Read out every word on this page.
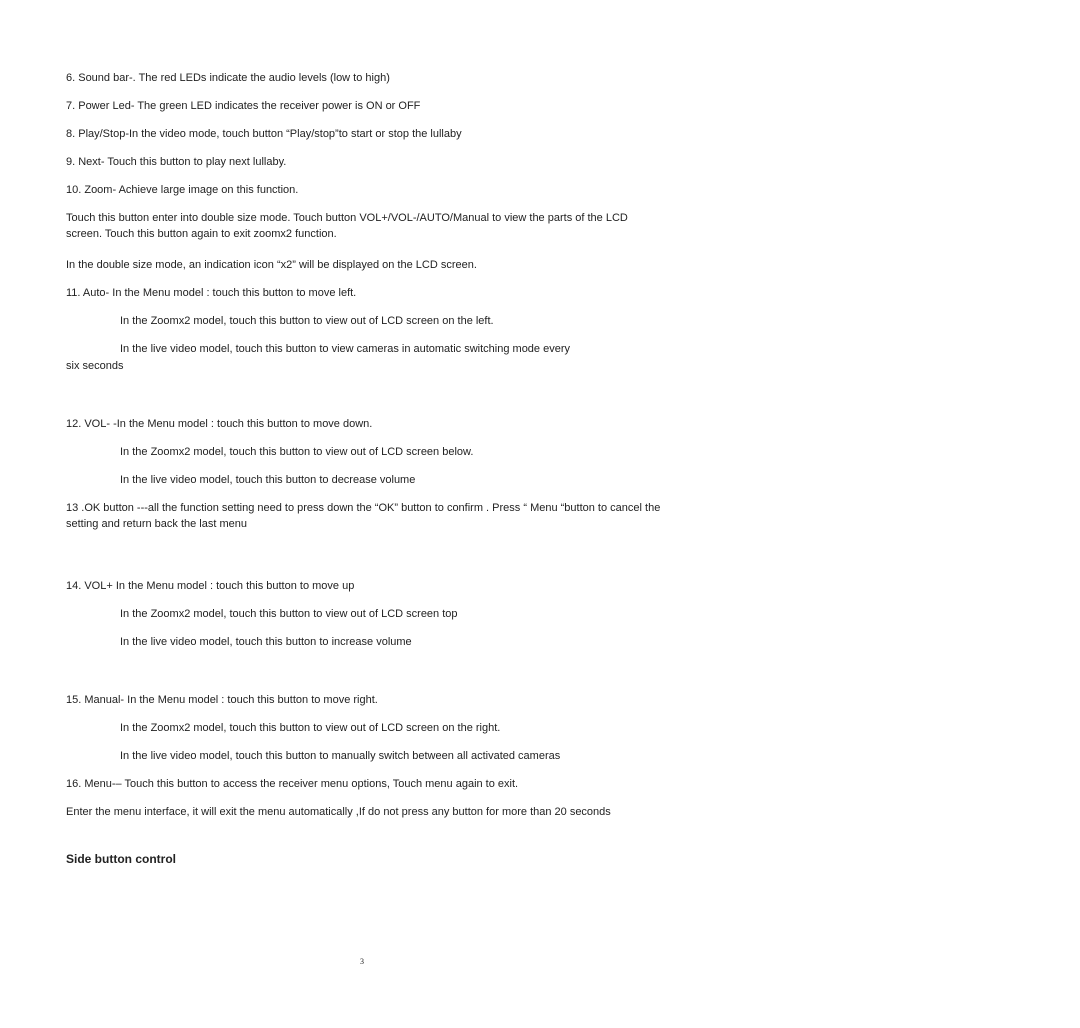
6. Sound bar-. The red LEDs indicate the audio levels (low to high)
7. Power Led- The green LED indicates the receiver power is ON or OFF
8. Play/Stop-In the video mode, touch button “Play/stop”to start or stop the lullaby
9. Next- Touch this button to play next lullaby.
10. Zoom- Achieve large image on this function.
Touch this button enter into double size mode. Touch button VOL+/VOL-/AUTO/Manual to view the parts of the LCD screen. Touch this button again to exit zoomx2 function.
In the double size mode, an indication icon “x2” will be displayed on the LCD screen.
11. Auto- In the Menu model : touch this button to move left.
In the Zoomx2 model, touch this button to view out of LCD screen on the left.
In the live video model, touch this button to view cameras in automatic switching mode every
six seconds
12. VOL- -In the Menu model : touch this button to move down.
In the Zoomx2 model, touch this button to view out of LCD screen below.
In the live video model, touch this button to decrease volume
13 .OK button ---all the function setting need to press down the “OK” button to confirm . Press “ Menu “button to cancel the setting and return back the last menu
14. VOL+ In the Menu model : touch this button to move up
In the Zoomx2 model, touch this button to view out of LCD screen top
In the live video model, touch this button to increase volume
15. Manual- In the Menu model : touch this button to move right.
In the Zoomx2 model, touch this button to view out of LCD screen on the right.
In the live video model, touch this button to manually switch between all activated cameras
16. Menu-– Touch this button to access the receiver menu options, Touch menu again to exit.
Enter the menu interface, it will exit the menu automatically ,If do not press any button for more than 20 seconds
Side button control
3
